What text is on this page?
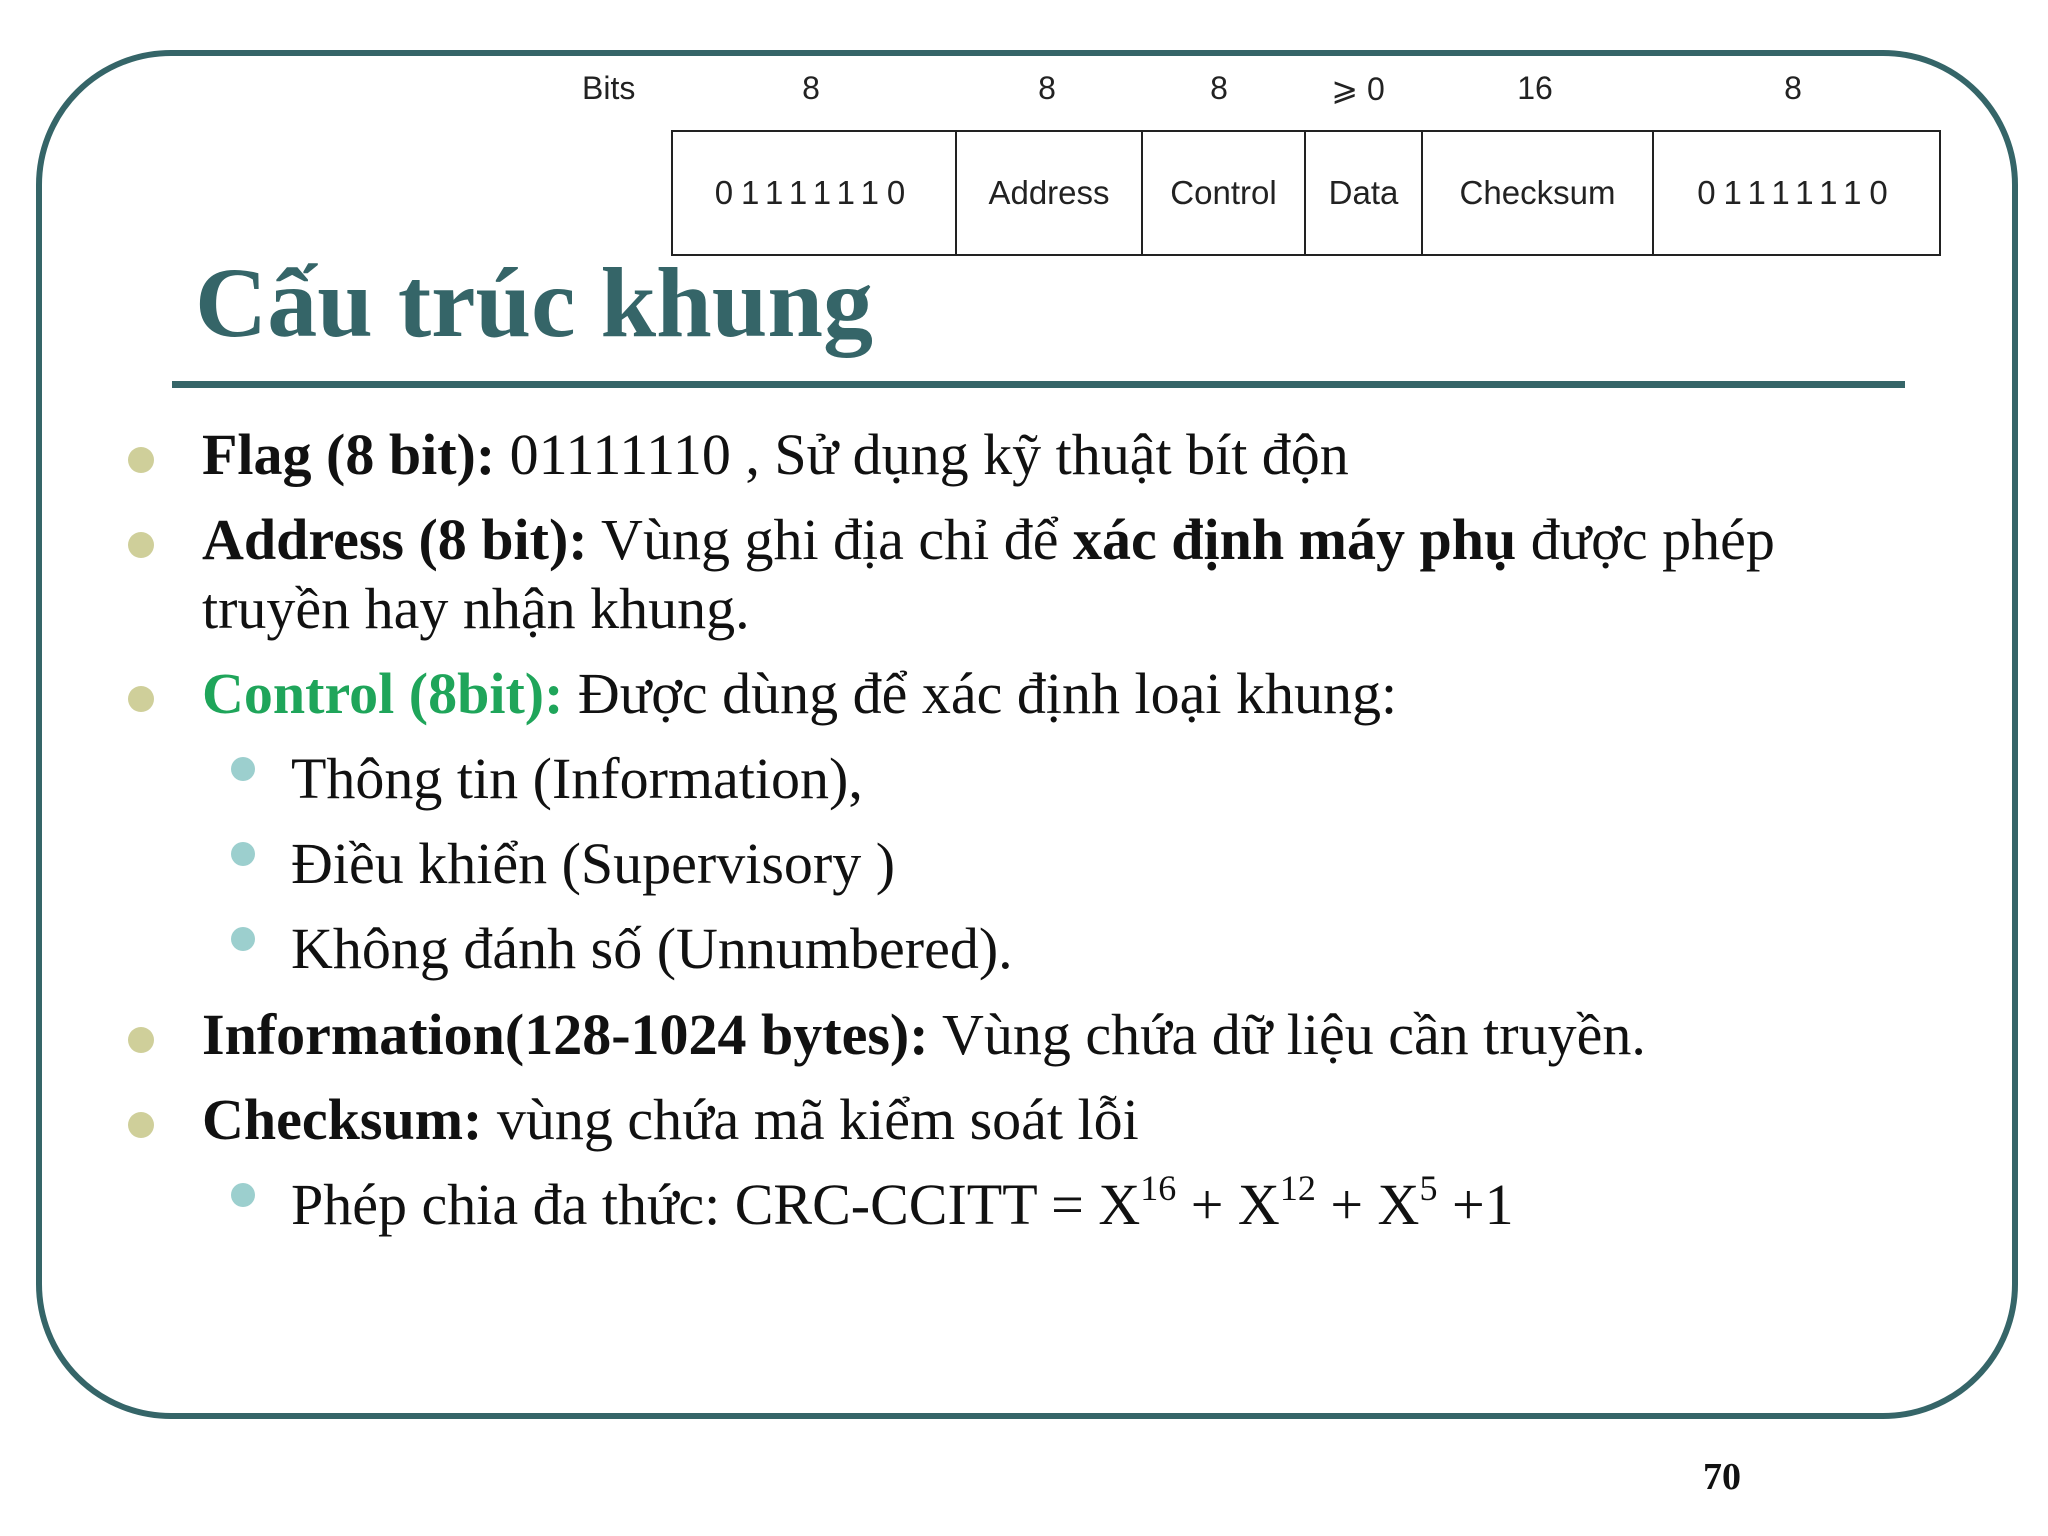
Bits	8	8	8	⩾ 0	16	8
01111110	Address	Control	Data	Checksum	01111110
Cấu trúc khung
Flag (8 bit): 01111110 , Sử dụng kỹ thuật bít độn
Address (8 bit): Vùng ghi địa chỉ để xác định máy phụ được phép
truyền hay nhận khung.
Control (8bit): Được dùng để xác định loại khung:
Thông tin (Information),
Điều khiển (Supervisory )
Không đánh số (Unnumbered).
Information(128-1024 bytes): Vùng chứa dữ liệu cần truyền.
Checksum: vùng chứa mã kiểm soát lỗi
Phép chia đa thức: CRC-CCITT = $X^{16} + X^{12} + X^5 +1$
70
